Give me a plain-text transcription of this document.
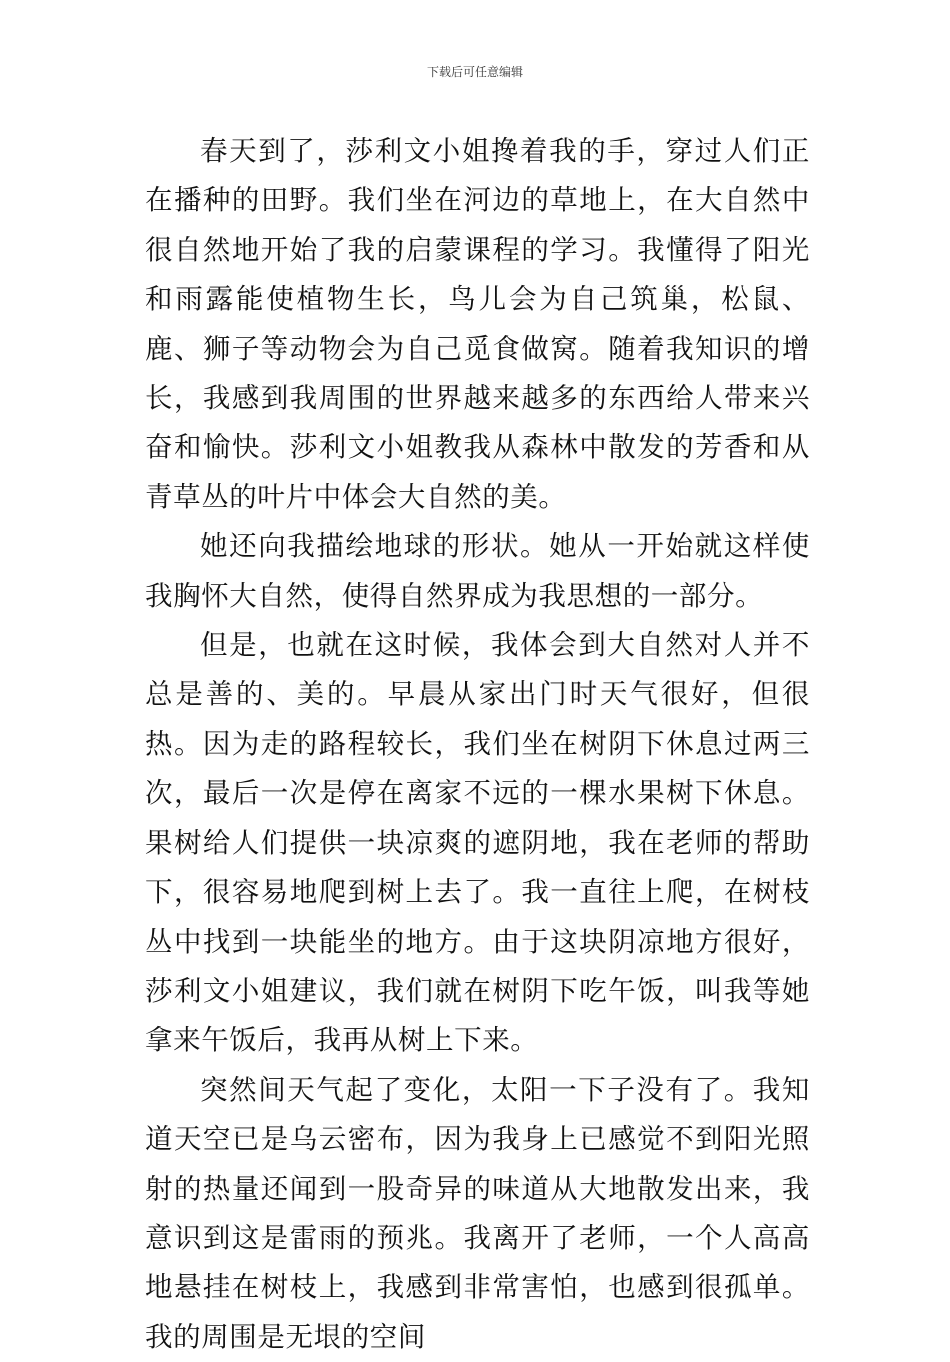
下载后可任意编辑

春天到了，莎利文小姐搀着我的手，穿过人们正在播种的田野。我们坐在河边的草地上，在大自然中很自然地开始了我的启蒙课程的学习。我懂得了阳光和雨露能使植物生长，鸟儿会为自己筑巢，松鼠、鹿、狮子等动物会为自己觅食做窝。随着我知识的增长，我感到我周围的世界越来越多的东西给人带来兴奋和愉快。莎利文小姐教我从森林中散发的芳香和从青草丛的叶片中体会大自然的美。

她还向我描绘地球的形状。她从一开始就这样使我胸怀大自然，使得自然界成为我思想的一部分。

但是，也就在这时候，我体会到大自然对人并不总是善的、美的。早晨从家出门时天气很好，但很热。因为走的路程较长，我们坐在树阴下休息过两三次，最后一次是停在离家不远的一棵水果树下休息。果树给人们提供一块凉爽的遮阴地，我在老师的帮助下，很容易地爬到树上去了。我一直往上爬，在树枝丛中找到一块能坐的地方。由于这块阴凉地方很好，莎利文小姐建议，我们就在树阴下吃午饭，叫我等她拿来午饭后，我再从树上下来。

突然间天气起了变化，太阳一下子没有了。我知道天空已是乌云密布，因为我身上已感觉不到阳光照射的热量还闻到一股奇异的味道从大地散发出来，我意识到这是雷雨的预兆。我离开了老师，一个人高高地悬挂在树枝上，我感到非常害怕，也感到很孤单。我的周围是无垠的空间
